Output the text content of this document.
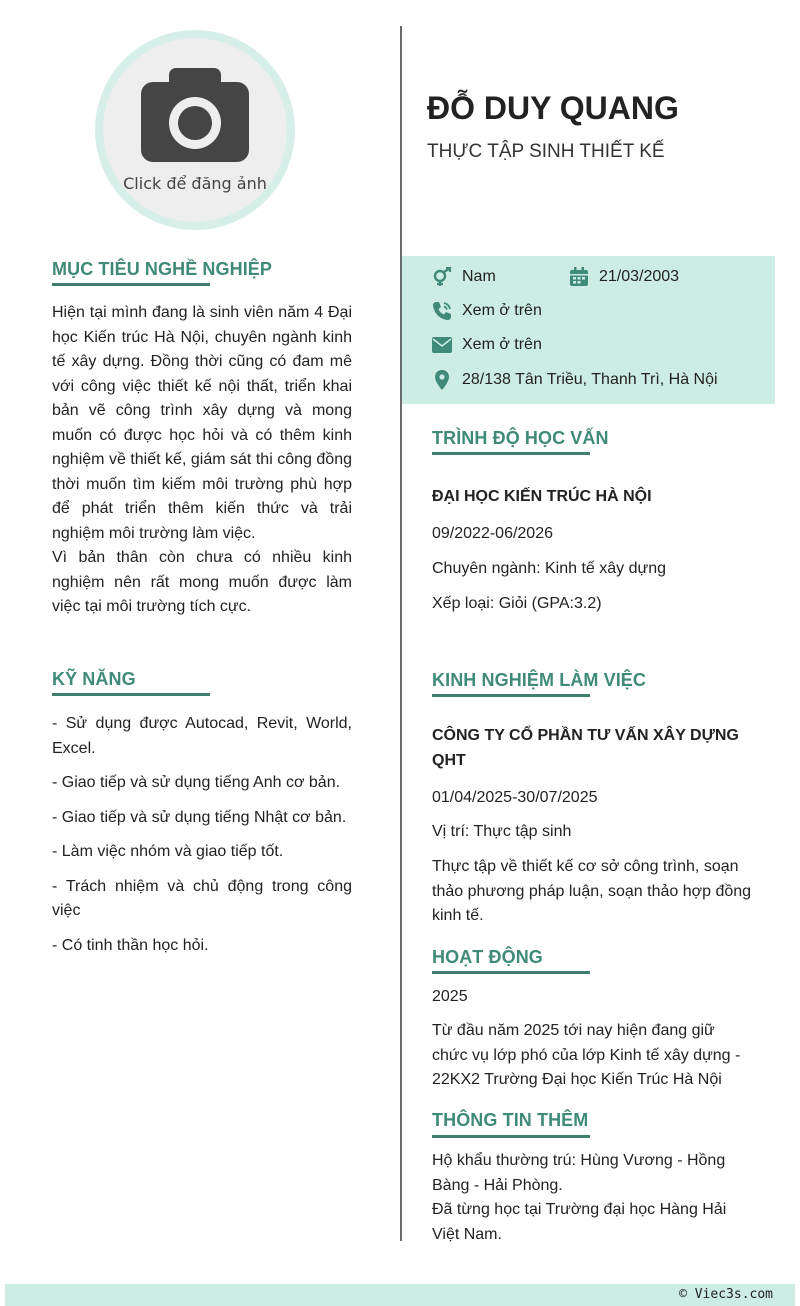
Click để đăng ảnh
ĐỖ DUY QUANG
THỰC TẬP SINH THIẾT KẾ
Nam	21/03/2003
Xem ở trên
Xem ở trên
28/138 Tân Triều, Thanh Trì, Hà Nội
MỤC TIÊU NGHỀ NGHIỆP
Hiện tại mình đang là sinh viên năm 4 Đại học Kiến trúc Hà Nội, chuyên ngành kinh tế xây dựng. Đồng thời cũng có đam mê với công việc thiết kế nội thất, triển khai bản vẽ công trình xây dựng và mong muốn có được học hỏi và có thêm kinh nghiệm về thiết kế, giám sát thi công đồng thời muốn tìm kiếm môi trường phù hợp để phát triển thêm kiến thức và trải nghiệm môi trường làm việc.
Vì bản thân còn chưa có nhiều kinh nghiệm nên rất mong muốn được làm việc tại môi trường tích cực.
KỸ NĂNG
- Sử dụng được Autocad, Revit, World, Excel.
- Giao tiếp và sử dụng tiếng Anh cơ bản.
- Giao tiếp và sử dụng tiếng Nhật cơ bản.
- Làm việc nhóm và giao tiếp tốt.
- Trách nhiệm và chủ động trong công việc
- Có tinh thần học hỏi.
TRÌNH ĐỘ HỌC VẤN
ĐẠI HỌC KIẾN TRÚC HÀ NỘI
09/2022-06/2026
Chuyên ngành: Kinh tế xây dựng
Xếp loại: Giỏi (GPA:3.2)
KINH NGHIỆM LÀM VIỆC
CÔNG TY CỔ PHẦN TƯ VẤN XÂY DỰNG QHT
01/04/2025-30/07/2025
Vị trí: Thực tập sinh
Thực tập về thiết kế cơ sở công trình, soạn thảo phương pháp luận, soạn thảo hợp đồng kinh tế.
HOẠT ĐỘNG
2025
Từ đầu năm 2025 tới nay hiện đang giữ chức vụ lớp phó của lớp Kinh tế xây dựng - 22KX2 Trường Đại học Kiến Trúc Hà Nội
THÔNG TIN THÊM
Hộ khẩu thường trú: Hùng Vương - Hồng Bàng - Hải Phòng.
Đã từng học tại Trường đại học Hàng Hải Việt Nam.
© Viec3s.com
